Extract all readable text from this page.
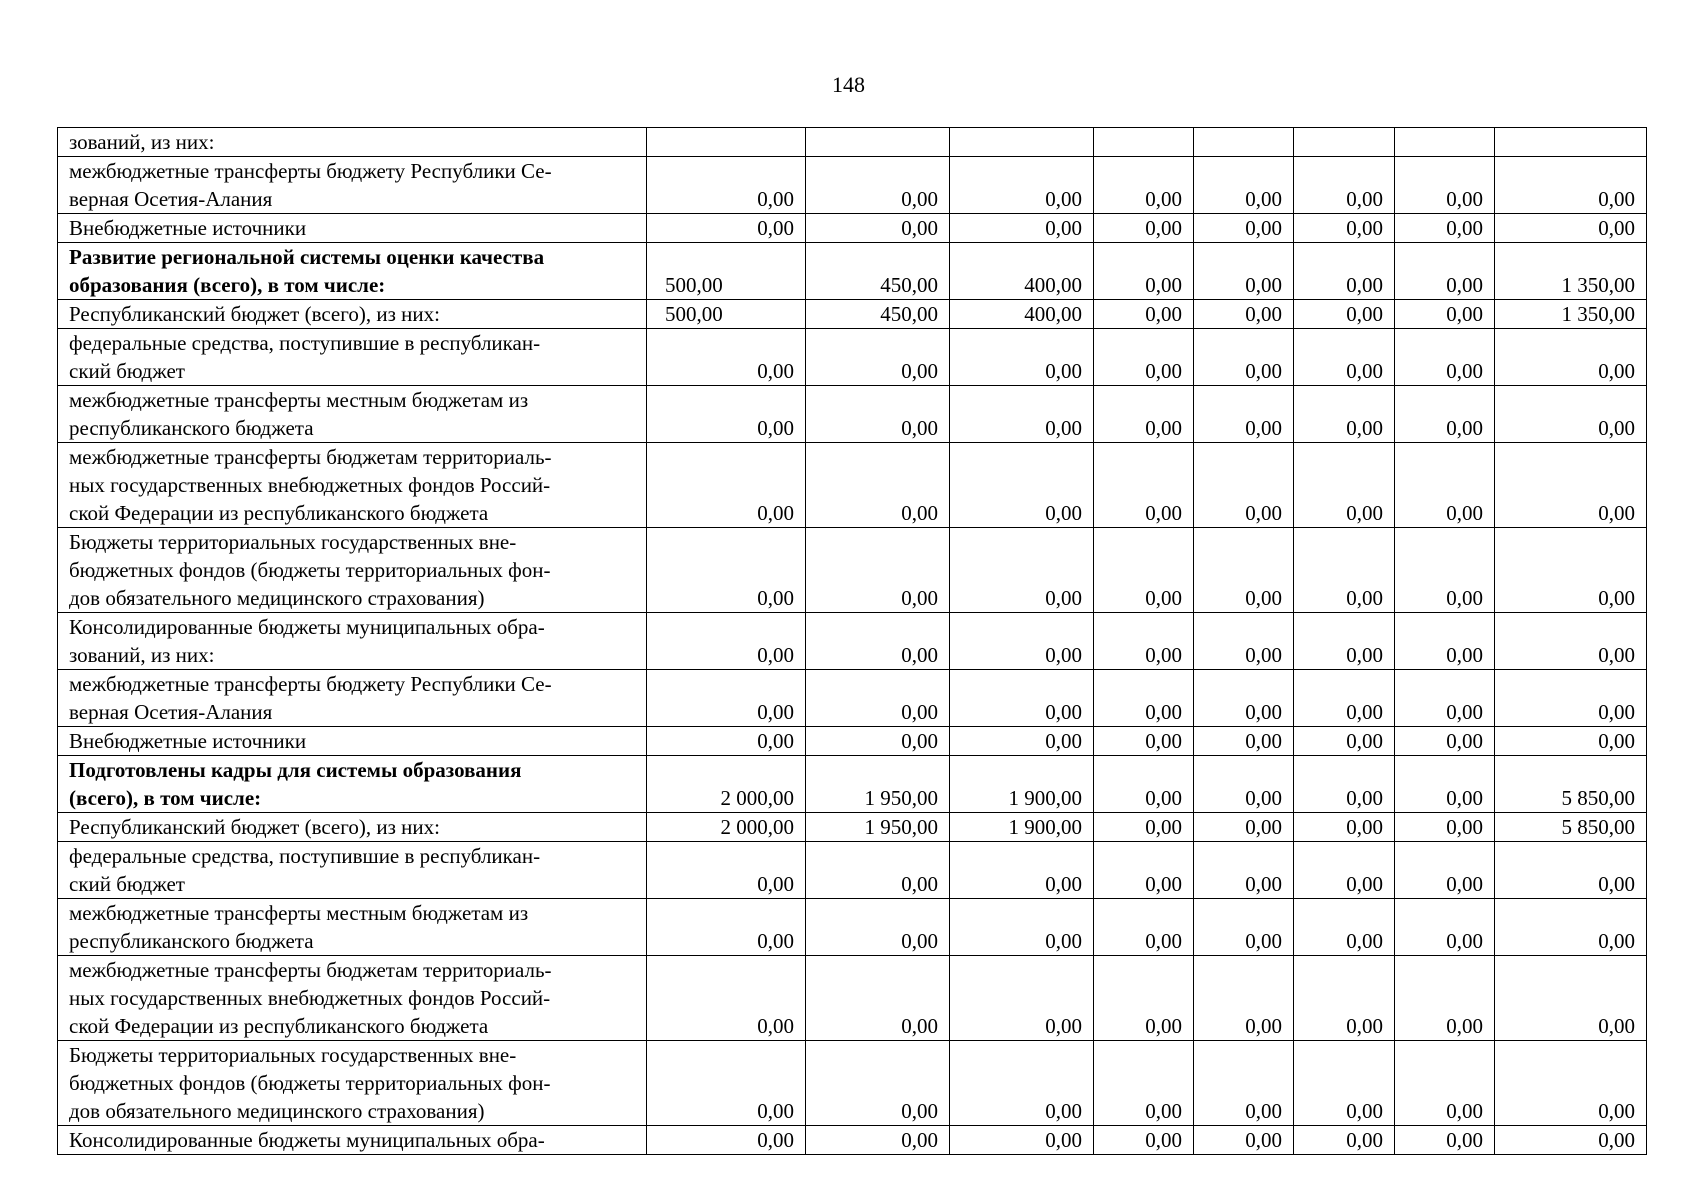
148
зований, из них:								
межбюджетные трансферты бюджету Республики Се-
верная Осетия-Алания	0,00	0,00	0,00	0,00	0,00	0,00	0,00	0,00
Внебюджетные источники	0,00	0,00	0,00	0,00	0,00	0,00	0,00	0,00
Развитие региональной системы оценки качества
образования (всего), в том числе:	500,00	450,00	400,00	0,00	0,00	0,00	0,00	1 350,00
Республиканский бюджет (всего), из них:	500,00	450,00	400,00	0,00	0,00	0,00	0,00	1 350,00
федеральные средства, поступившие в республикан-
ский бюджет	0,00	0,00	0,00	0,00	0,00	0,00	0,00	0,00
межбюджетные трансферты местным бюджетам из
республиканского бюджета	0,00	0,00	0,00	0,00	0,00	0,00	0,00	0,00
межбюджетные трансферты бюджетам территориаль-
ных государственных внебюджетных фондов Россий-
ской Федерации из республиканского бюджета	0,00	0,00	0,00	0,00	0,00	0,00	0,00	0,00
Бюджеты территориальных государственных вне-
бюджетных фондов (бюджеты территориальных фон-
дов обязательного медицинского страхования)	0,00	0,00	0,00	0,00	0,00	0,00	0,00	0,00
Консолидированные бюджеты муниципальных обра-
зований, из них:	0,00	0,00	0,00	0,00	0,00	0,00	0,00	0,00
межбюджетные трансферты бюджету Республики Се-
верная Осетия-Алания	0,00	0,00	0,00	0,00	0,00	0,00	0,00	0,00
Внебюджетные источники	0,00	0,00	0,00	0,00	0,00	0,00	0,00	0,00
Подготовлены кадры для системы образования
(всего), в том числе:	2 000,00	1 950,00	1 900,00	0,00	0,00	0,00	0,00	5 850,00
Республиканский бюджет (всего), из них:	2 000,00	1 950,00	1 900,00	0,00	0,00	0,00	0,00	5 850,00
федеральные средства, поступившие в республикан-
ский бюджет	0,00	0,00	0,00	0,00	0,00	0,00	0,00	0,00
межбюджетные трансферты местным бюджетам из
республиканского бюджета	0,00	0,00	0,00	0,00	0,00	0,00	0,00	0,00
межбюджетные трансферты бюджетам территориаль-
ных государственных внебюджетных фондов Россий-
ской Федерации из республиканского бюджета	0,00	0,00	0,00	0,00	0,00	0,00	0,00	0,00
Бюджеты территориальных государственных вне-
бюджетных фондов (бюджеты территориальных фон-
дов обязательного медицинского страхования)	0,00	0,00	0,00	0,00	0,00	0,00	0,00	0,00
Консолидированные бюджеты муниципальных обра-	0,00	0,00	0,00	0,00	0,00	0,00	0,00	0,00
